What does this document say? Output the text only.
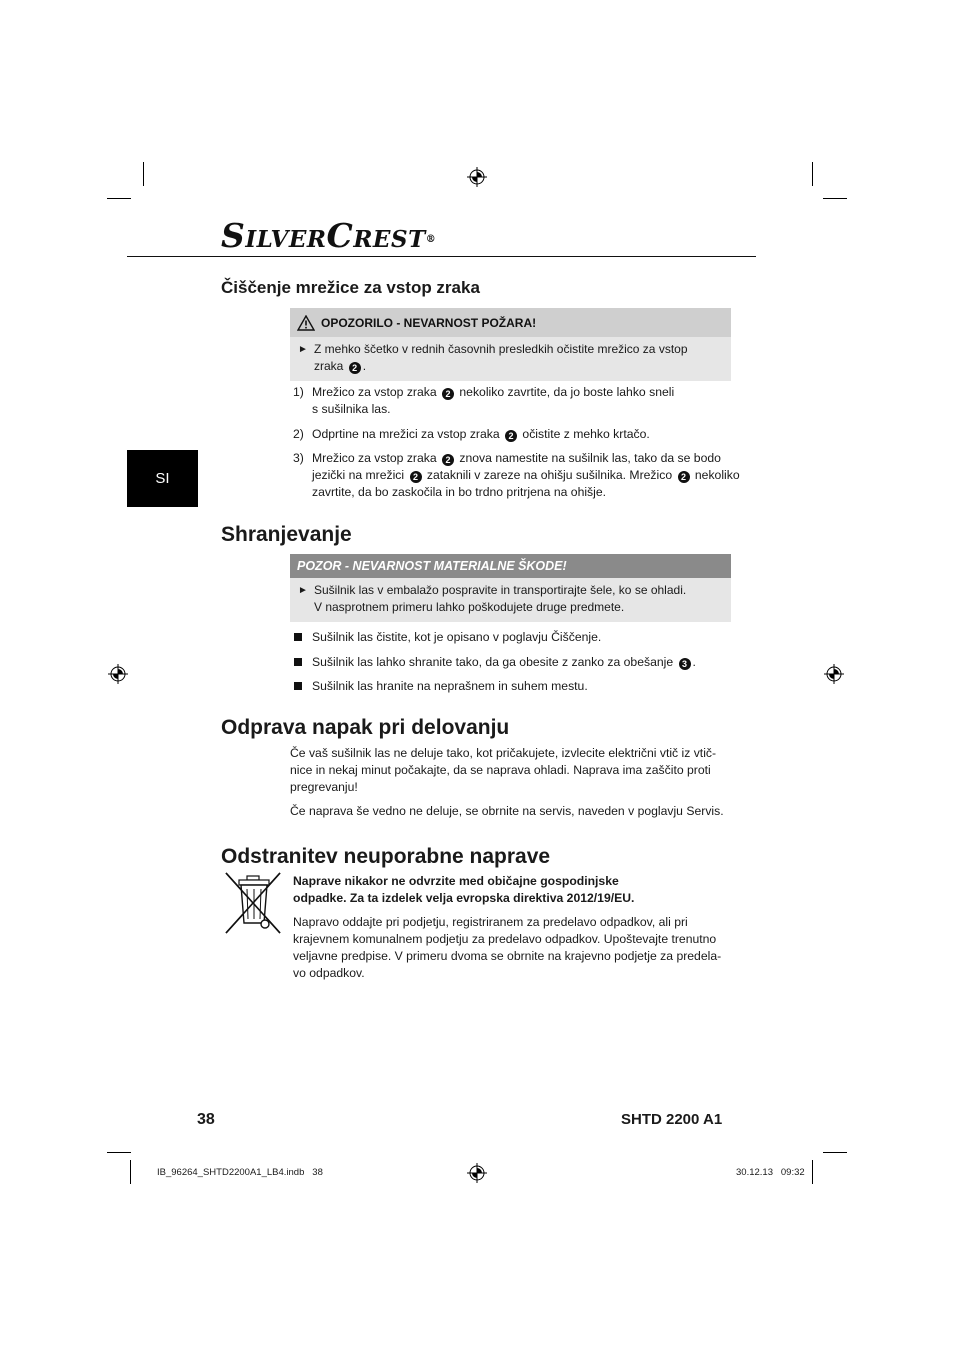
SILVERCREST®
SI
Čiščenje mrežice za vstop zraka
OPOZORILO - NEVARNOST POŽARA!
► Z mehko ščetko v rednih časovnih presledkih očistite mrežico za vstop
zraka 2 .
1) Mrežico za vstop zraka 2 nekoliko zavrtite, da jo boste lahko sneli
s sušilnika las.
2) Odprtine na mrežici za vstop zraka 2 očistite z mehko krtačo.
3) Mrežico za vstop zraka 2 znova namestite na sušilnik las, tako da se bodo
jezički na mrežici 2 zataknili v zareze na ohišju sušilnika. Mrežico 2 nekoliko
zavrtite, da bo zaskočila in bo trdno pritrjena na ohišje.
Shranjevanje
POZOR - NEVARNOST MATERIALNE ŠKODE!
► Sušilnik las v embalažo pospravite in transportirajte šele, ko se ohladi.
V nasprotnem primeru lahko poškodujete druge predmete.
Sušilnik las čistite, kot je opisano v poglavju Čiščenje.
Sušilnik las lahko shranite tako, da ga obesite z zanko za obešanje 3 .
Sušilnik las hranite na neprašnem in suhem mestu.
Odprava napak pri delovanju
Če vaš sušilnik las ne deluje tako, kot pričakujete, izvlecite električni vtič iz vtič-
nice in nekaj minut počakajte, da se naprava ohladi. Naprava ima zaščito proti
pregrevanju!
Če naprava še vedno ne deluje, se obrnite na servis, naveden v poglavju Servis.
Odstranitev neuporabne naprave
Naprave nikakor ne odvrzite med običajne gospodinjske
odpadke. Za ta izdelek velja evropska direktiva 2012/19/EU.
Napravo oddajte pri podjetju, registriranem za predelavo odpadkov, ali pri
krajevnem komunalnem podjetju za predelavo odpadkov. Upoštevajte trenutno
veljavne predpise. V primeru dvoma se obrnite na krajevno podjetje za predela-
vo odpadkov.
38	SHTD 2200 A1
IB_96264_SHTD2200A1_LB4.indb   38	30.12.13   09:32
